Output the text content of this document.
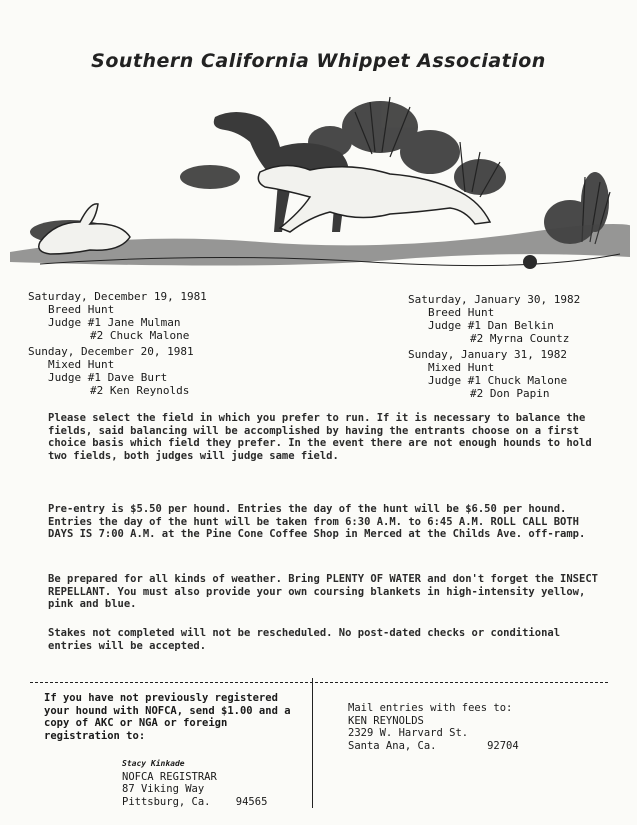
Southern California Whippet Association
Saturday, December 19, 1981
Breed Hunt
Judge #1 Jane Mulman
#2 Chuck Malone
Sunday, December 20, 1981
Mixed Hunt
Judge #1 Dave Burt
#2 Ken Reynolds
Saturday, January 30, 1982
Breed Hunt
Judge #1 Dan Belkin
#2 Myrna Countz
Sunday, January 31, 1982
Mixed Hunt
Judge #1 Chuck Malone
#2 Don Papin
Please select the field in which you prefer to run. If it is necessary to balance the fields, said balancing will be accomplished by having the entrants choose on a first choice basis which field they prefer. In the event there are not enough hounds to hold two fields, both judges will judge same field.
Pre-entry is $5.50 per hound. Entries the day of the hunt will be $6.50 per hound. Entries the day of the hunt will be taken from 6:30 A.M. to 6:45 A.M. ROLL CALL BOTH DAYS IS 7:00 A.M. at the Pine Cone Coffee Shop in Merced at the Childs Ave. off-ramp.
Be prepared for all kinds of weather. Bring PLENTY OF WATER and don't forget the INSECT REPELLANT. You must also provide your own coursing blankets in high-intensity yellow, pink and blue.
Stakes not completed will not be rescheduled. No post-dated checks or conditional entries will be accepted.
If you have not previously registered your hound with NOFCA, send $1.00 and a copy of AKC or NGA or foreign registration to:
Stacy Kinkade
NOFCA REGISTRAR
87 Viking Way
Pittsburg, Ca.    94565
Mail entries with fees to:
KEN REYNOLDS
2329 W. Harvard St.
Santa Ana, Ca.        92704
